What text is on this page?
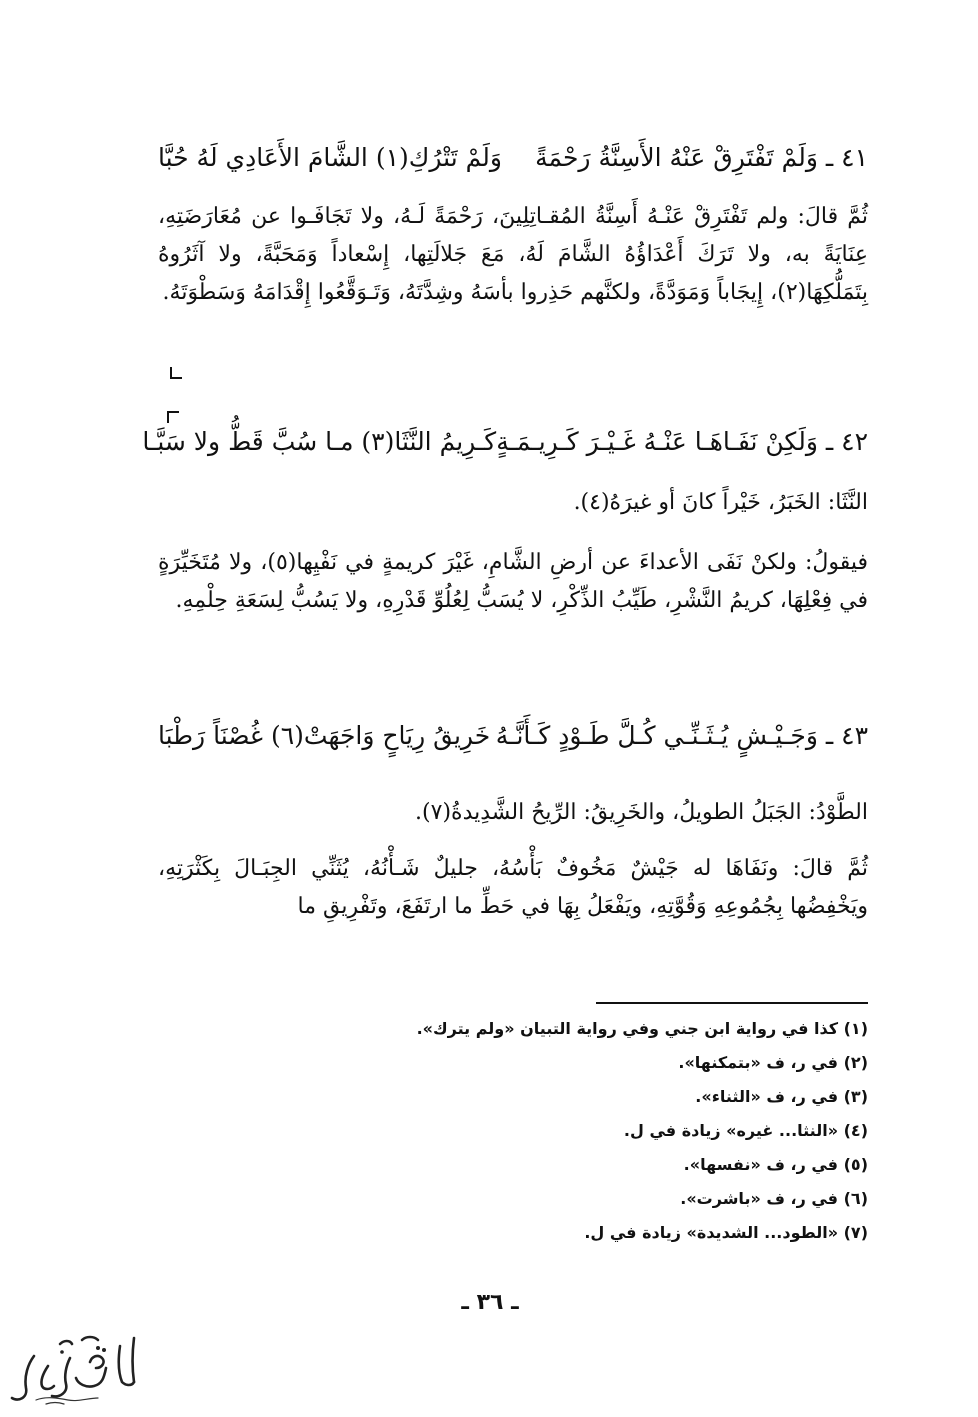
٤١ ـ وَلَمْ تَفْتَرِقْ عَنْهُ الأَسِنَّةُ رَحْمَةً
وَلَمْ تَتْرُكِ(١) الشَّامَ الأَعَادِي لَهُ حُبَّا
ثُمَّ قالَ: ولم تَفْتَرِقْ عَنْـهُ أَسِنَّةُ المُقـاتِلِينَ، رَحْمَةً لَـهُ، ولا تَجَافَـوا عن مُعَارَضَتِهِ، عِنَايَةً به، ولا تَرَكَ أَعْدَاؤُهُ الشَّامَ لَهُ، مَعَ جَلالَتِها، إِسْعاداً وَمَحَبَّةً، ولا آثَرُوهُ بِتَمَلُّكِهَا(٢)، إِيجَاباً وَمَوَدَّةً، ولكنَّهم حَذِروا بأسَهُ وشِدَّتَهُ، وَتَـوَقَّعُوا إِقْدَامَهُ وَسَطْوَتَهُ.
٤٢ ـ وَلَكِنْ نَفَـاهَـا عَنْـهُ غَـيْـرَ كَـرِيـمَـةٍ
كَـرِيمُ النَّثَا(٣) مـا سُبَّ قَطُّ ولا سَبَّـا
النَّثَا: الخَبَرُ، خَيْراً كانَ أو غيرَهُ(٤).
فيقولُ: ولكنْ نَفَى الأعداءَ عن أرضِ الشَّامِ، غَيْرَ كريمةٍ في نَفْيِها(٥)، ولا مُتَخَيِّرَةٍ في فِعْلِهَا، كريمُ النَّشْرِ، طَيِّبُ الذِّكْرِ، لا يُسَبُّ لِعُلُوِّ قَدْرِهِ، ولا يَسُبُّ لِسَعَةِ حِلْمِهِ.
٤٣ ـ وَجَـيْـشٍ يُـثَـنِّـي كُـلَّ طَـوْدٍ كَـأَنَّـهُ
خَرِيقُ رِيَاحٍ وَاجَهَتْ(٦) غُصْنَاً رَطْبَا
الطَّوْدُ: الجَبَلُ الطويلُ، والخَرِيقُ: الرِّيحُ الشَّدِيدةُ(٧).
ثُمَّ قالَ: ونَفَاهَا له جَيْشٌ مَخُوفٌ بَأْسُهُ، جليلٌ شَـأْنُهُ، يُثَنِّي الجِبَـالَ بِكَثْرَتِهِ، ويَخْفِضُها بِجُمُوعِهِ وَقُوَّتِهِ، ويَفْعَلُ بِهَا في حَطِّ ما ارتَفَعَ، وتَفْرِيقِ ما
(١) كذا في رواية ابن جني وفي رواية التبيان «ولم يترك».
(٢) في ر، ف «بتمكنها».
(٣) في ر، ف «الثناء».
(٤) «النثا... غيره» زيادة في ل.
(٥) في ر، ف «نفسها».
(٦) في ر، ف «باشرت».
(٧) «الطود... الشديدة» زيادة في ل.
ـ ٣٦ ـ
